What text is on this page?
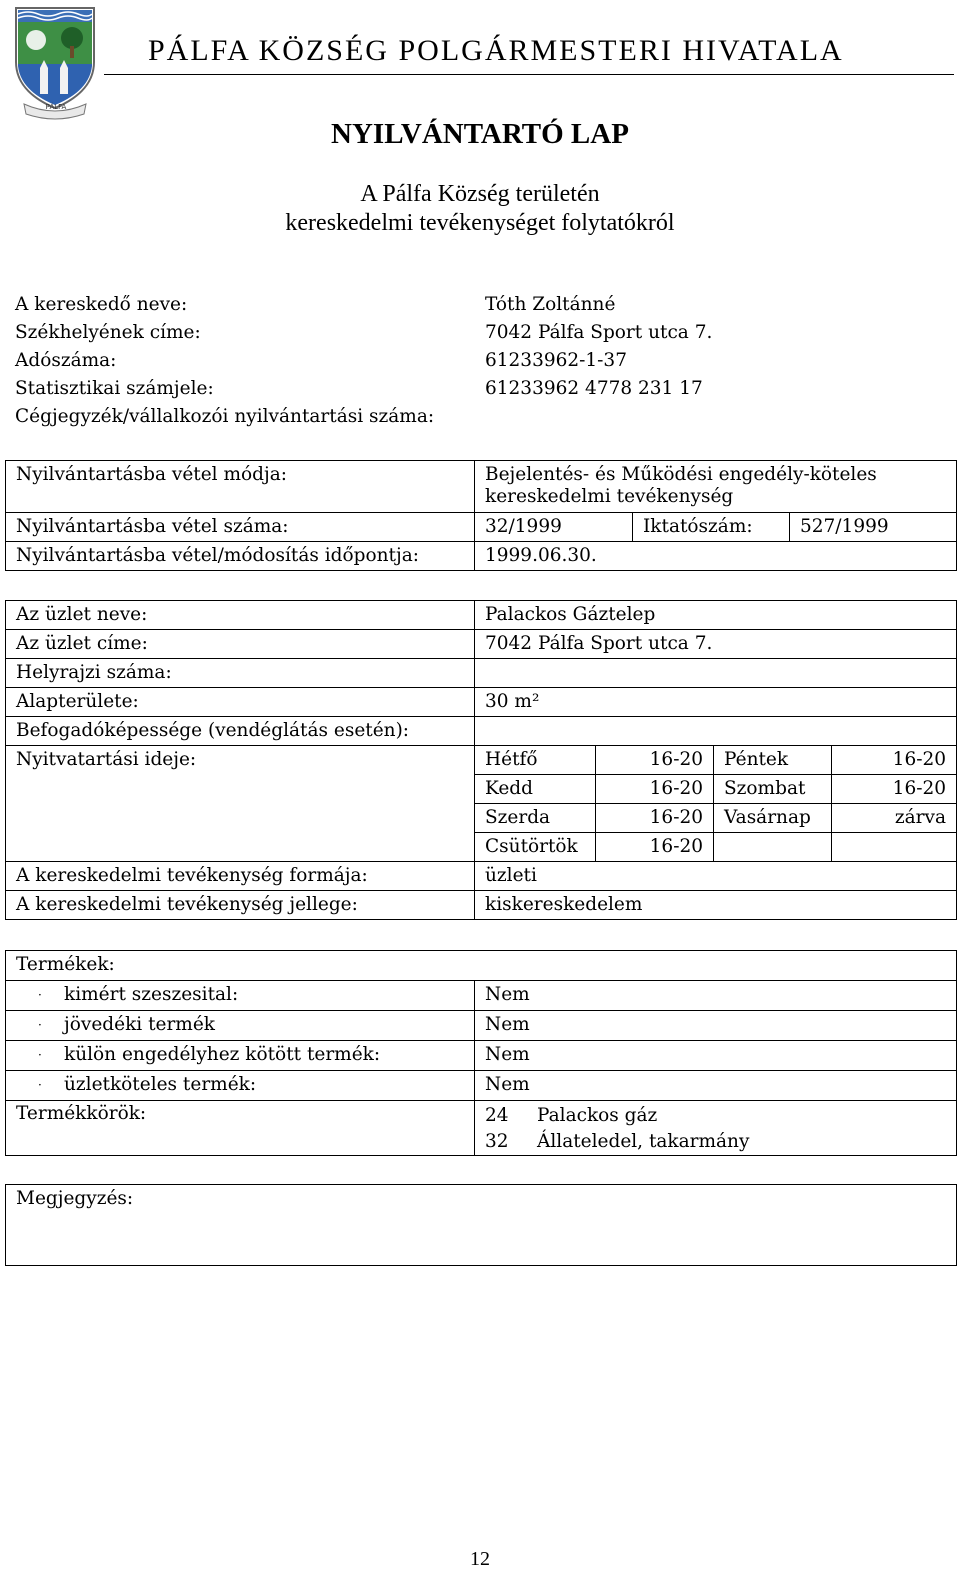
PÁLFA
PÁLFA KÖZSÉG POLGÁRMESTERI HIVATALA
NYILVÁNTARTÓ LAP
A Pálfa Község területén
kereskedelmi tevékenységet folytatókról
A kereskedő neve:	Tóth Zoltánné
Székhelyének címe:	7042 Pálfa Sport utca 7.
Adószáma:	61233962-1-37
Statisztikai számjele:	61233962 4778 231 17
Cégjegyzék/vállalkozói nyilvántartási száma:
Nyilvántartásba vétel módja:	Bejelentés- és Működési engedély-köteles
kereskedelmi tevékenység		

Nyilvántartásba vétel száma:	32/1999	Iktatószám:	527/1999
Nyilvántartásba vétel/módosítás időpontja:	1999.06.30.		
Az üzlet neve:	Palackos Gáztelep			
Az üzlet címe:	7042 Pálfa Sport utca 7.			
Helyrajzi száma:				
Alapterülete:	30 m²			
Befogadóképessége (vendéglátás esetén):				
Nyitvatartási ideje:	Hétfő	16-20	Péntek	16-20
	Kedd	16-20	Szombat	16-20
	Szerda	16-20	Vasárnap	zárva
	Csütörtök	16-20		
A kereskedelmi tevékenység formája:	üzleti			
A kereskedelmi tevékenység jellege:	kiskereskedelem			
Termékek:	
· kimért szeszesital:	Nem
· jövedéki termék	Nem
· külön engedélyhez kötött termék:	Nem
· üzletköteles termék:	Nem
Termékkörök:	24 Palackos gáz
32 Állateledel, takarmány
Megjegyzés:
12
